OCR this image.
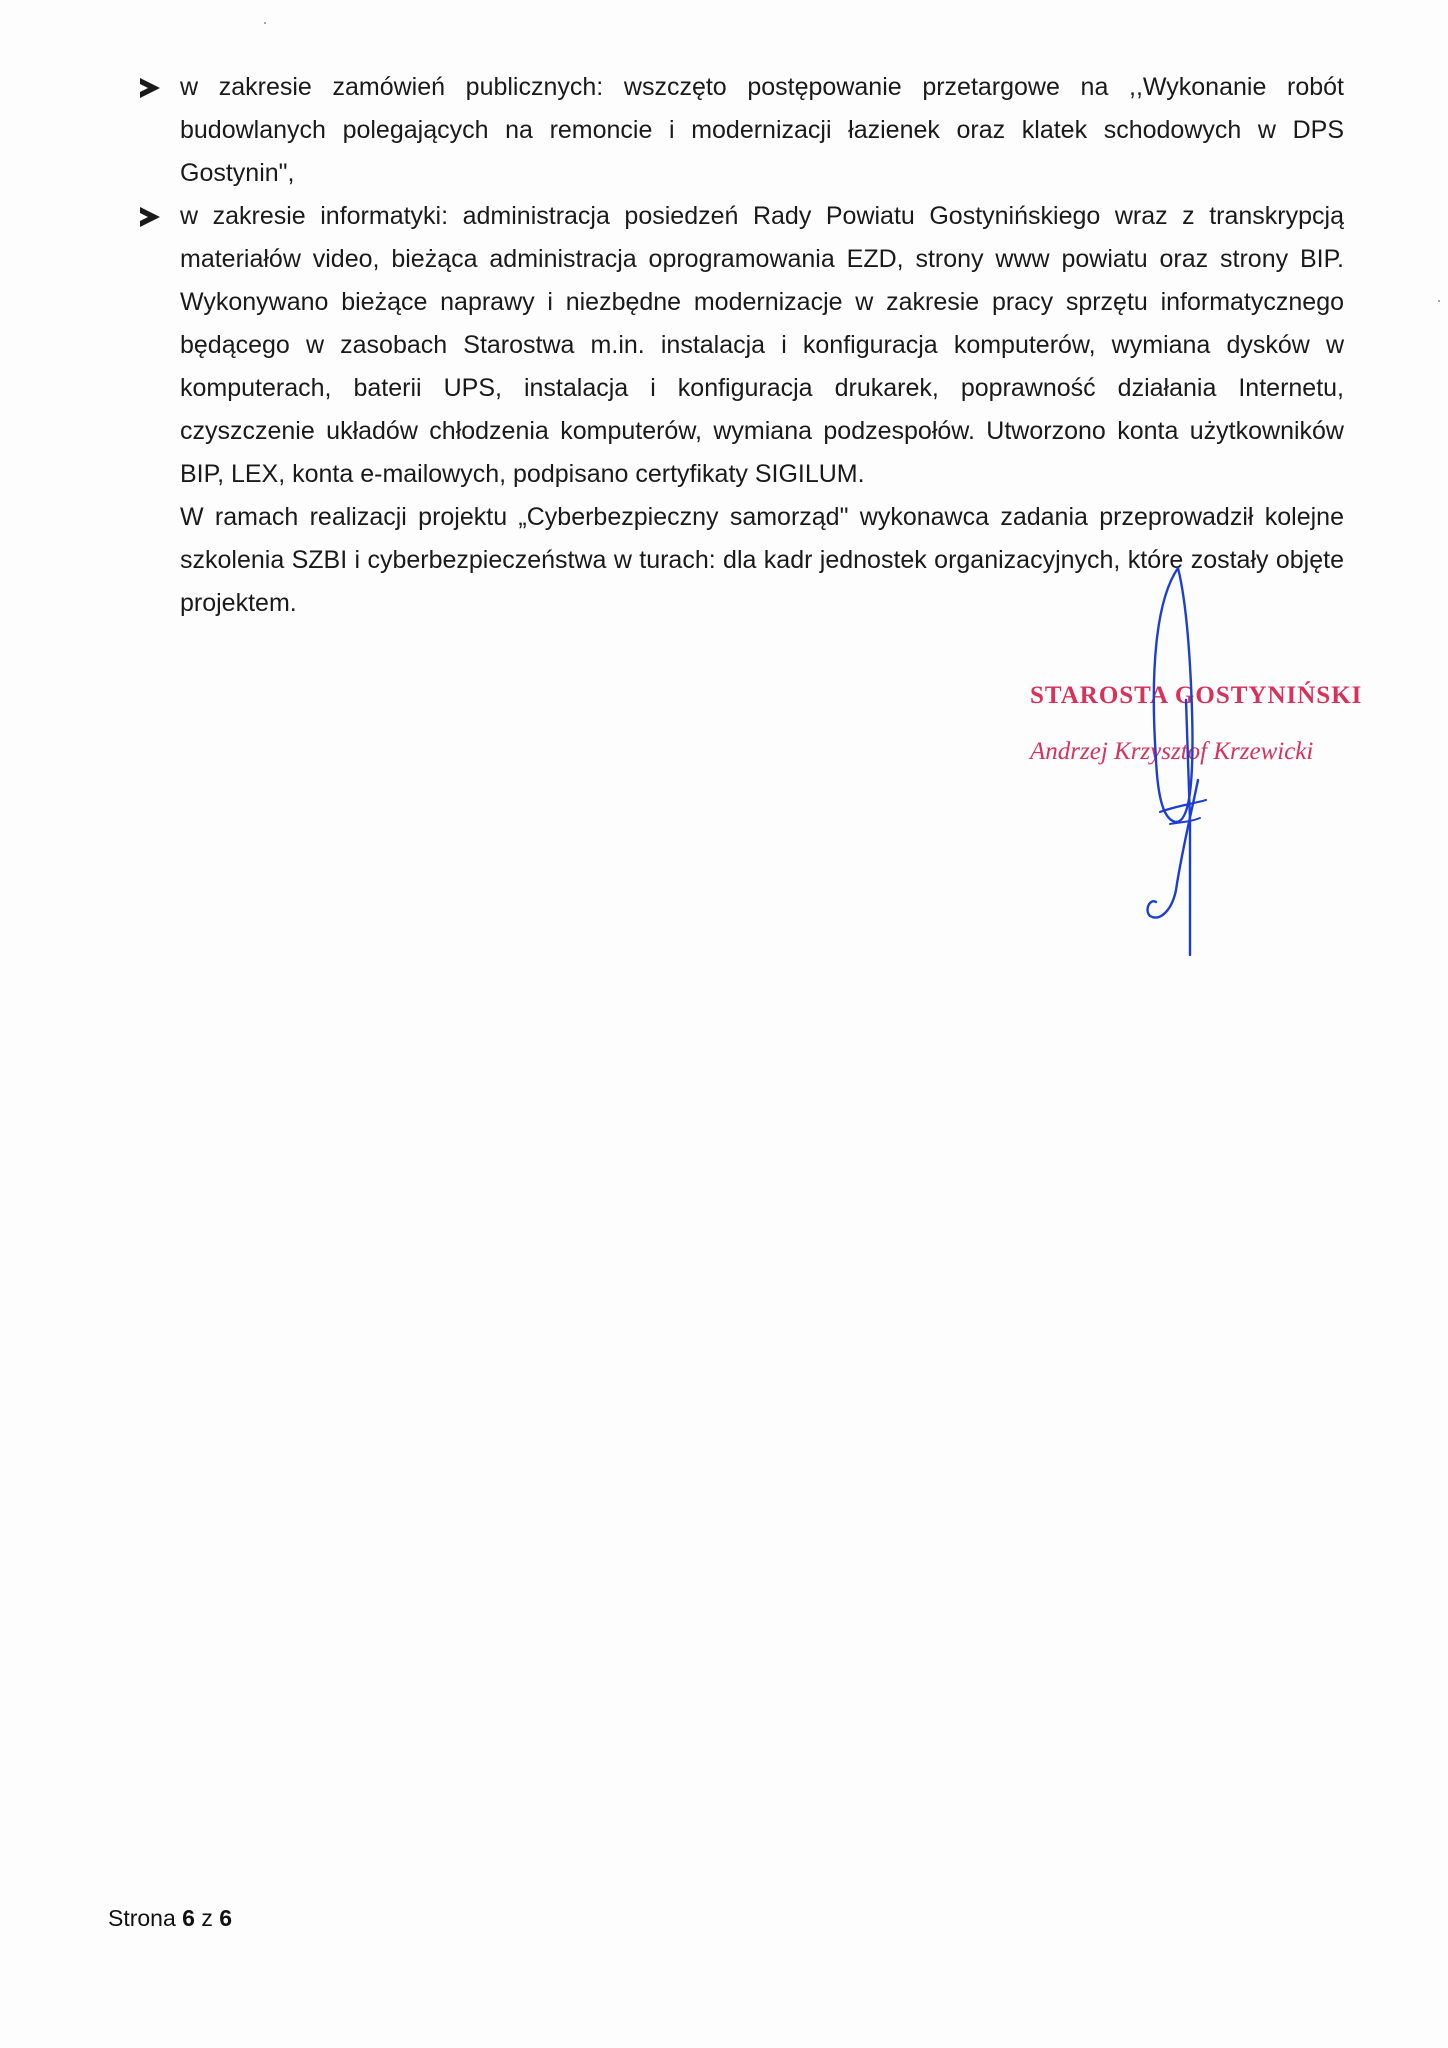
w zakresie zamówień publicznych: wszczęto postępowanie przetargowe na ,,Wykonanie robót budowlanych polegających na remoncie i modernizacji łazienek oraz klatek schodowych w DPS Gostynin",

w zakresie informatyki: administracja posiedzeń Rady Powiatu Gostynińskiego wraz z transkrypcją materiałów video, bieżąca administracja oprogramowania EZD, strony www powiatu oraz strony BIP. Wykonywano bieżące naprawy i niezbędne modernizacje w zakresie pracy sprzętu informatycznego będącego w zasobach Starostwa m.in. instalacja i konfiguracja komputerów, wymiana dysków w komputerach, baterii UPS, instalacja i konfiguracja drukarek, poprawność działania Internetu, czyszczenie układów chłodzenia komputerów, wymiana podzespołów. Utworzono konta użytkowników BIP, LEX, konta e-mailowych, podpisano certyfikaty SIGILUM.

W ramach realizacji projektu „Cyberbezpieczny samorząd" wykonawca zadania przeprowadził kolejne szkolenia SZBI i cyberbezpieczeństwa w turach: dla kadr jednostek organizacyjnych, które zostały objęte projektem.

STAROSTA GOSTYNIŃSKI
Andrzej Krzysztof Krzewicki
Strona 6 z 6
